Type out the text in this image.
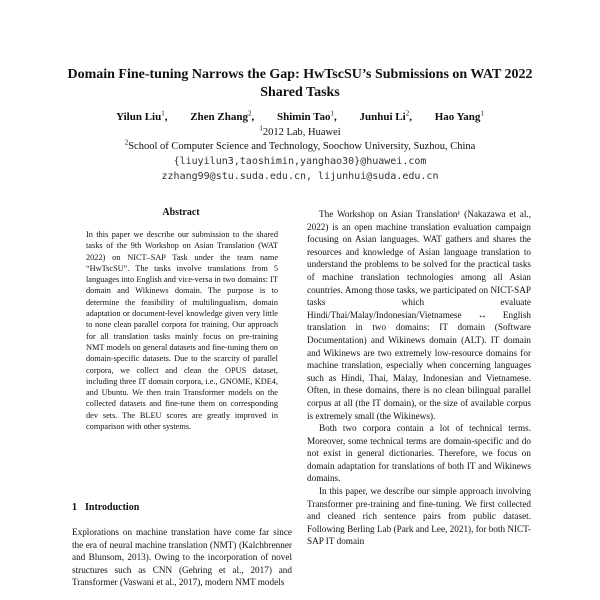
Domain Fine-tuning Narrows the Gap: HwTscSU’s Submissions on WAT 2022 Shared Tasks
Yilun Liu$^1$, Zhen Zhang$^2$, Shimin Tao$^1$, Junhui Li$^2$, Hao Yang$^1$
$^1$2012 Lab, Huawei
$^2$School of Computer Science and Technology, Soochow University, Suzhou, China
{liuyilun3,taoshimin,yanghao30}@huawei.com
zzhang99@stu.suda.edu.cn, lijunhui@suda.edu.cn
Abstract

In this paper we describe our submission to the shared tasks of the 9th Workshop on Asian Translation (WAT 2022) on NICT–SAP Task under the team name “HwTscSU”. The tasks involve translations from 5 languages into English and vice-versa in two domains: IT domain and Wikinews domain. The purpose is to determine the feasibility of multilingualism, domain adaptation or document-level knowledge given very little to none clean parallel corpora for training. Our approach for all translation tasks mainly focus on pre-training NMT models on general datasets and fine-tuning them on domain-specific datasets. Due to the scarcity of parallel corpora, we collect and clean the OPUS dataset, including three IT domain corpora, i.e., GNOME, KDE4, and Ubuntu. We then train Transformer models on the collected datasets and fine-tune them on corresponding dev sets. The BLEU scores are greatly improved in comparison with other systems.

1 Introduction

Explorations on machine translation have come far since the era of neural machine translation (NMT) (Kalchbrenner and Blunsom, 2013). Owing to the incorporation of novel structures such as CNN (Gehring et al., 2017) and Transformer (Vaswani et al., 2017), modern NMT models

The Workshop on Asian Translation¹ (Nakazawa et al., 2022) is an open machine translation evaluation campaign focusing on Asian languages. WAT gathers and shares the resources and knowledge of Asian language translation to understand the problems to be solved for the practical tasks of machine translation technologies among all Asian countries. Among those tasks, we participated on NICT-SAP tasks which evaluate Hindi/Thai/Malay/Indonesian/Vietnamese ↔ English translation in two domains: IT domain (Software Documentation) and Wikinews domain (ALT). IT domain and Wikinews are two extremely low-resource domains for machine translation, especially when concerning languages such as Hindi, Thai, Malay, Indonesian and Vietnamese. Often, in these domains, there is no clean bilingual parallel corpus at all (the IT domain), or the size of available corpus is extremely small (the Wikinews).

Both two corpora contain a lot of technical terms. Moreover, some technical terms are domain-specific and do not exist in general dictionaries. Therefore, we focus on domain adaptation for translations of both IT and Wikinews domains.

In this paper, we describe our simple approach involving Transformer pre-training and fine-tuning. We first collected and cleaned rich sentence pairs from public dataset. Following Berling Lab (Park and Lee, 2021), for both NICT-SAP IT domain
